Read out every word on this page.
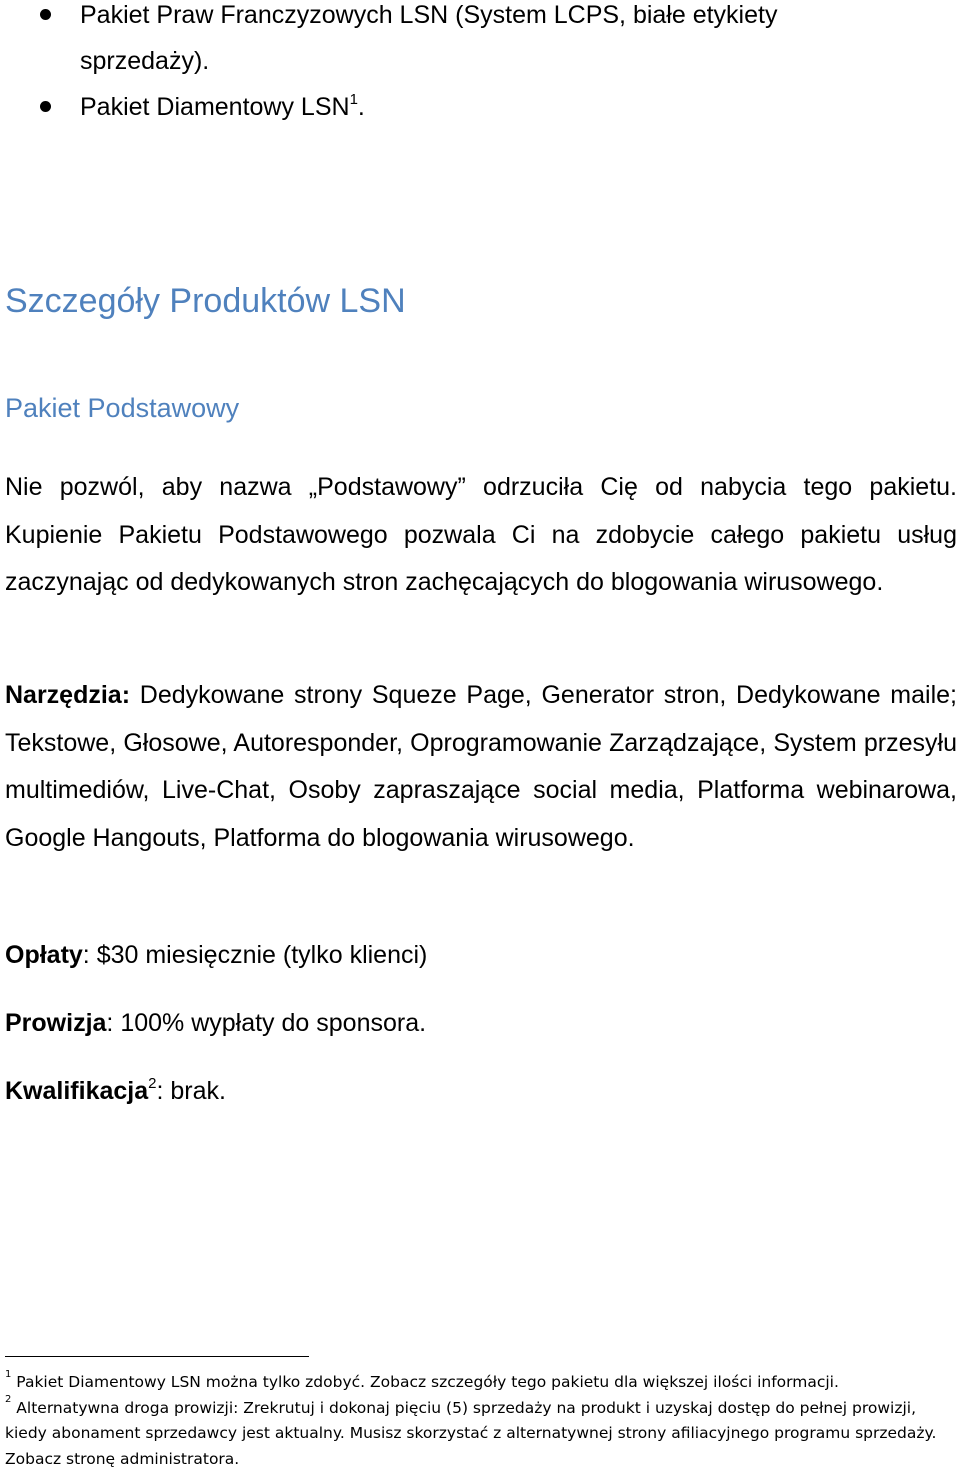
Pakiet Praw Franczyzowych LSN (System LCPS, białe etykiety sprzedaży).
Pakiet Diamentowy LSN$^1$.
Szczegóły Produktów LSN
Pakiet Podstawowy

Nie pozwól, aby nazwa „Podstawowy” odrzuciła Cię od nabycia tego pakietu. Kupienie Pakietu Podstawowego pozwala Ci na zdobycie całego pakietu usług zaczynając od dedykowanych stron zachęcających do blogowania wirusowego.

Narzędzia: Dedykowane strony Squeze Page, Generator stron, Dedykowane maile; Tekstowe, Głosowe, Autoresponder, Oprogramowanie Zarządzające, System przesyłu multimediów, Live-Chat, Osoby zapraszające social media, Platforma webinarowa, Google Hangouts, Platforma do blogowania wirusowego.

Opłaty: $30 miesięcznie (tylko klienci)

Prowizja: 100% wypłaty do sponsora.

Kwalifikacja$^2$: brak.

$^1$ Pakiet Diamentowy LSN można tylko zdobyć. Zobacz szczegóły tego pakietu dla większej ilości informacji.

$^2$ Alternatywna droga prowizji: Zrekrutuj i dokonaj pięciu (5) sprzedaży na produkt i uzyskaj dostęp do pełnej prowizji, kiedy abonament sprzedawcy jest aktualny. Musisz skorzystać z alternatywnej strony afiliacyjnego programu sprzedaży. Zobacz stronę administratora.
